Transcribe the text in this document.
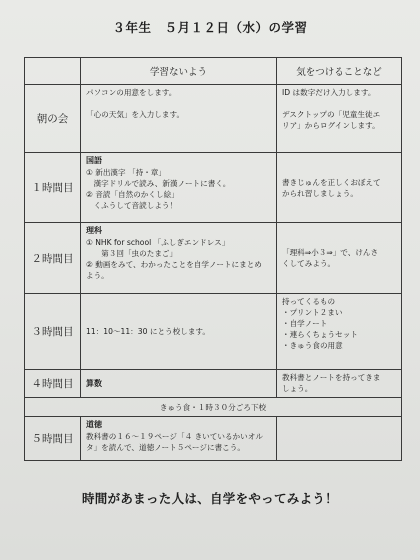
３年生　５月１２日（水）の学習
	学習ないよう	気をつけることなど
朝の会	パソコンの用意をします。

「心の天気」を入力します。	ID は数字だけ入力します。

デスクトップの「児童生徒エ
リア」からログインします。

１時間目	国語
① 新出漢字 「持・章」
　漢字ドリルで読み、新漢ノートに書く。
② 音読「自然のかくし絵」
　くふうして音読しよう！	書きじゅんを正しくおぼえて
かられ習しましょう。

２時間目	理科
① NHK for school 「ふしぎエンドレス」
　　第３回「虫のたまご」
② 動画をみて、わかったことを自学ノートにまとめ
よう。	「理科⇒小３⇒」で、けんさ
くしてみよう。

３時間目	11：10～11：30 にとう校します。	持ってくるもの
・プリント２まい
・自学ノート
・連らくちょうセット
・きゅう食の用意

４時間目	算数	教科書とノートを持ってきま
しょう。

きゅう食・１時３０分ごろ下校		
５時間目	道徳
教科書の１６～１９ページ「４ きいているかいオル
タ」を読んで、道徳ノート５ページに書こう。	

時間があまった人は、自学をやってみよう！
